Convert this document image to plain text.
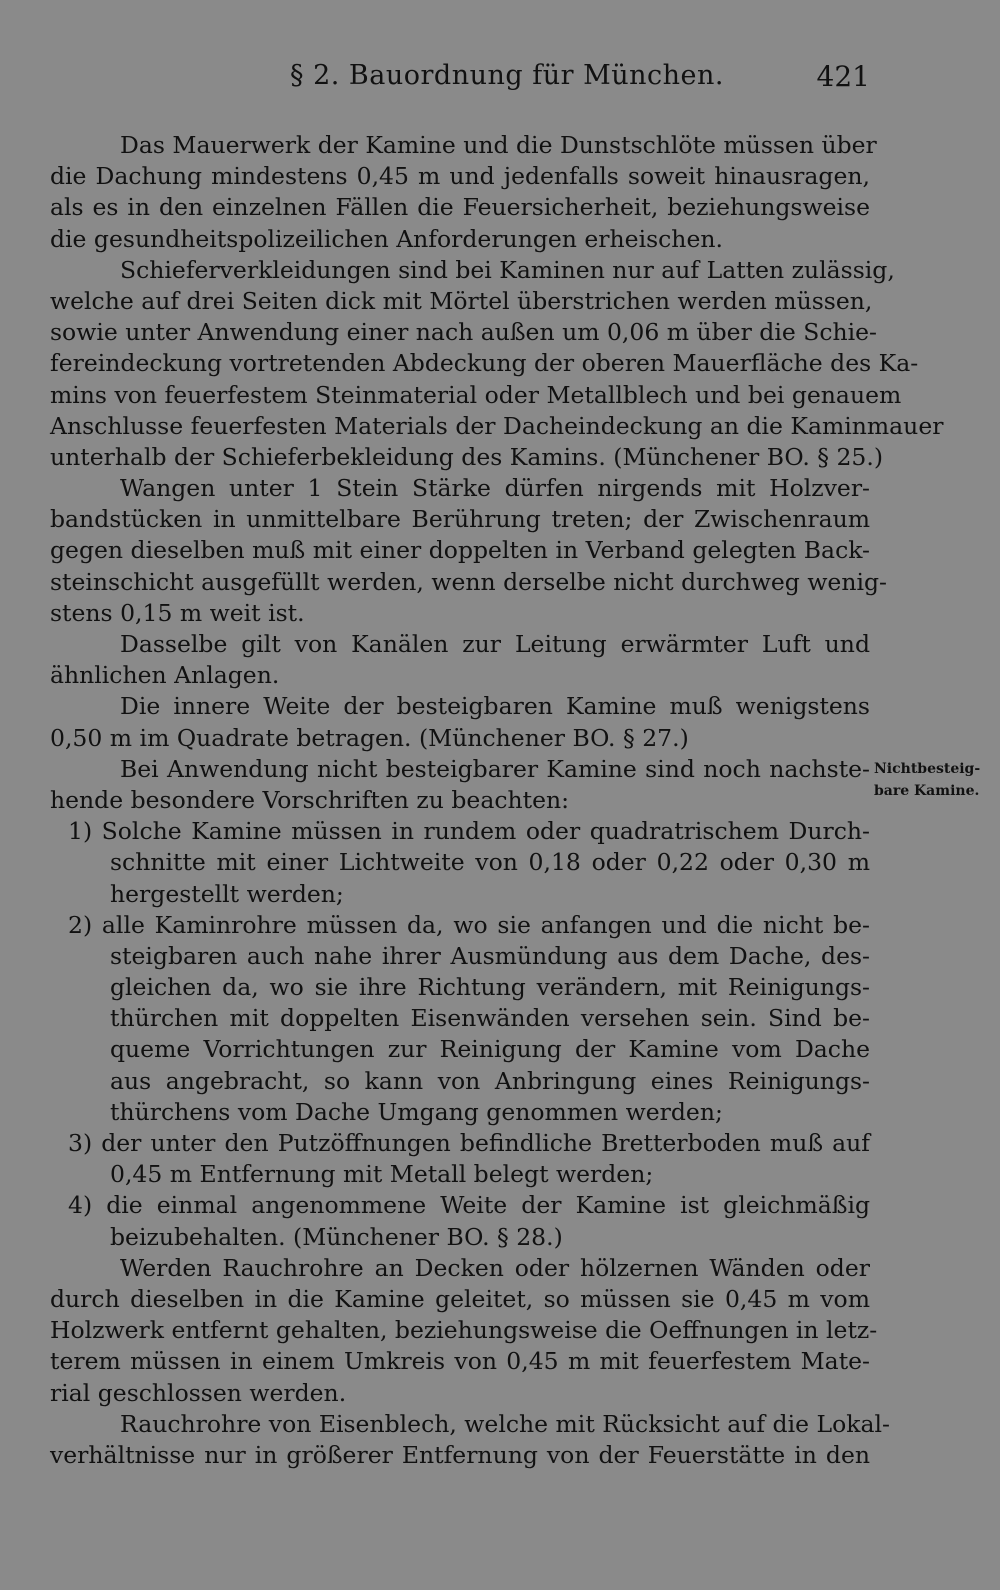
§ 2. Bauordnung für München.	421
Das Mauerwerk der Kamine und die Dunstschlöte müssen über
die Dachung mindestens 0,45 m und jedenfalls soweit hinausragen,
als es in den einzelnen Fällen die Feuersicherheit, beziehungsweise
die gesundheitspolizeilichen Anforderungen erheischen.
Schieferverkleidungen sind bei Kaminen nur auf Latten zulässig,
welche auf drei Seiten dick mit Mörtel überstrichen werden müssen,
sowie unter Anwendung einer nach außen um 0,06 m über die Schie-
fereindeckung vortretenden Abdeckung der oberen Mauerfläche des Ka-
mins von feuerfestem Steinmaterial oder Metallblech und bei genauem
Anschlusse feuerfesten Materials der Dacheindeckung an die Kaminmauer
unterhalb der Schieferbekleidung des Kamins. (Münchener BO. § 25.)
Wangen unter 1 Stein Stärke dürfen nirgends mit Holzver-
bandstücken in unmittelbare Berührung treten; der Zwischenraum
gegen dieselben muß mit einer doppelten in Verband gelegten Back-
steinschicht ausgefüllt werden, wenn derselbe nicht durchweg wenig-
stens 0,15 m weit ist.
Dasselbe gilt von Kanälen zur Leitung erwärmter Luft und
ähnlichen Anlagen.
Die innere Weite der besteigbaren Kamine muß wenigstens
0,50 m im Quadrate betragen. (Münchener BO. § 27.)
Bei Anwendung nicht besteigbarer Kamine sind noch nachste-
hende besondere Vorschriften zu beachten:
1) Solche Kamine müssen in rundem oder quadratrischem Durch-
schnitte mit einer Lichtweite von 0,18 oder 0,22 oder 0,30 m
hergestellt werden;
2) alle Kaminrohre müssen da, wo sie anfangen und die nicht be-
steigbaren auch nahe ihrer Ausmündung aus dem Dache, des-
gleichen da, wo sie ihre Richtung verändern, mit Reinigungs-
thürchen mit doppelten Eisenwänden versehen sein. Sind be-
queme Vorrichtungen zur Reinigung der Kamine vom Dache
aus angebracht, so kann von Anbringung eines Reinigungs-
thürchens vom Dache Umgang genommen werden;
3) der unter den Putzöffnungen befindliche Bretterboden muß auf
0,45 m Entfernung mit Metall belegt werden;
4) die einmal angenommene Weite der Kamine ist gleichmäßig
beizubehalten. (Münchener BO. § 28.)
Werden Rauchrohre an Decken oder hölzernen Wänden oder
durch dieselben in die Kamine geleitet, so müssen sie 0,45 m vom
Holzwerk entfernt gehalten, beziehungsweise die Oeffnungen in letz-
terem müssen in einem Umkreis von 0,45 m mit feuerfestem Mate-
rial geschlossen werden.
Rauchrohre von Eisenblech, welche mit Rücksicht auf die Lokal-
verhältnisse nur in größerer Entfernung von der Feuerstätte in den
Nichtbesteig-
bare Kamine.
